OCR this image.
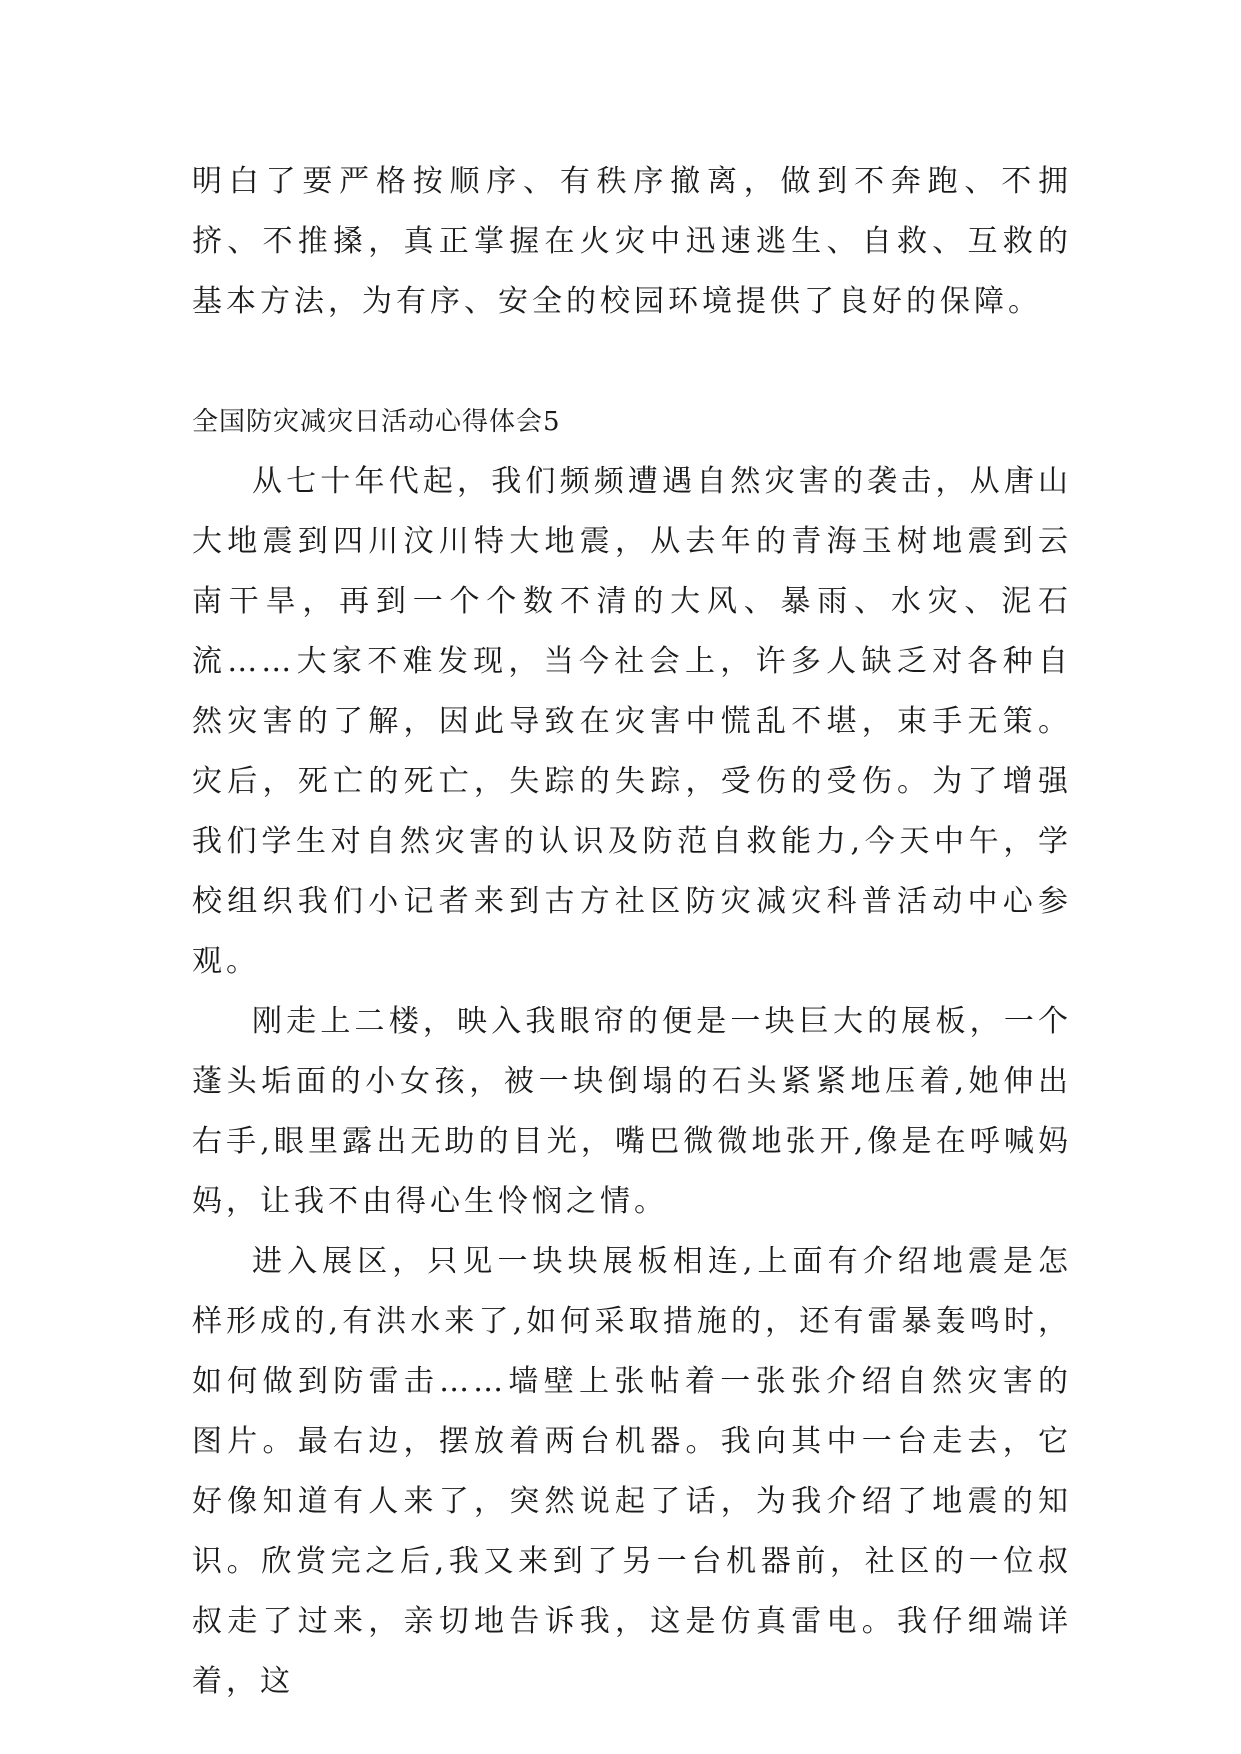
明白了要严格按顺序、有秩序撤离，做到不奔跑、不拥挤、不推搡，真正掌握在火灾中迅速逃生、自救、互救的基本方法，为有序、安全的校园环境提供了良好的保障。

全国防灾减灾日活动心得体会5

从七十年代起，我们频频遭遇自然灾害的袭击，从唐山大地震到四川汶川特大地震，从去年的青海玉树地震到云南干旱，再到一个个数不清的大风、暴雨、水灾、泥石流……大家不难发现，当今社会上，许多人缺乏对各种自然灾害的了解，因此导致在灾害中慌乱不堪，束手无策。灾后，死亡的死亡，失踪的失踪，受伤的受伤。为了增强我们学生对自然灾害的认识及防范自救能力,今天中午，学校组织我们小记者来到古方社区防灾减灾科普活动中心参观。

刚走上二楼，映入我眼帘的便是一块巨大的展板，一个蓬头垢面的小女孩，被一块倒塌的石头紧紧地压着,她伸出右手,眼里露出无助的目光，嘴巴微微地张开,像是在呼喊妈妈，让我不由得心生怜悯之情。

进入展区，只见一块块展板相连,上面有介绍地震是怎样形成的,有洪水来了,如何采取措施的，还有雷暴轰鸣时，如何做到防雷击……墙壁上张帖着一张张介绍自然灾害的图片。最右边，摆放着两台机器。我向其中一台走去，它好像知道有人来了，突然说起了话，为我介绍了地震的知识。欣赏完之后,我又来到了另一台机器前，社区的一位叔叔走了过来，亲切地告诉我，这是仿真雷电。我仔细端详着，这
